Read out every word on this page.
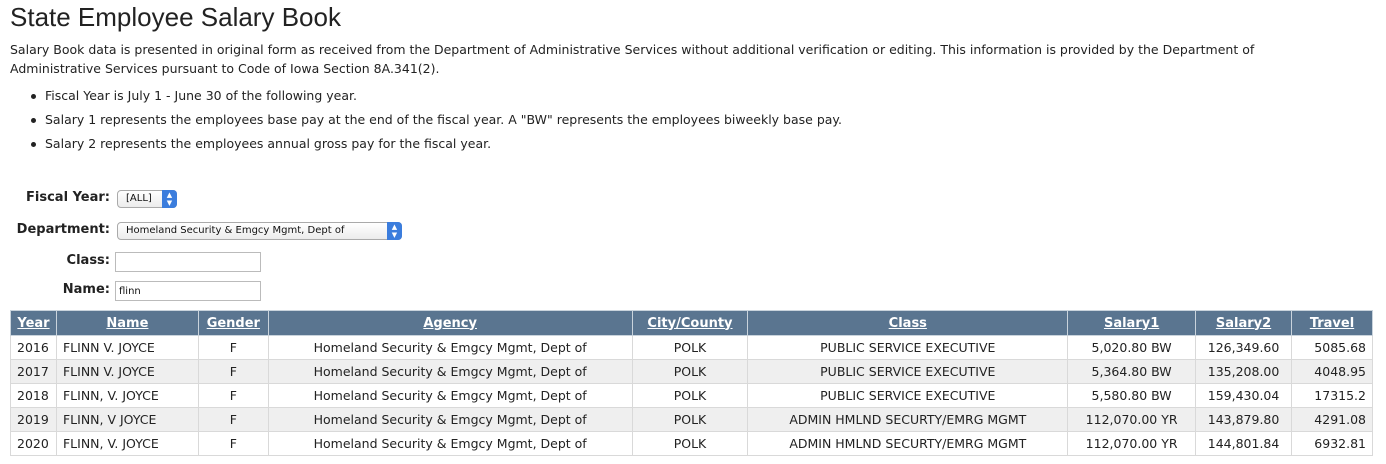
State Employee Salary Book

Salary Book data is presented in original form as received from the Department of Administrative Services without additional verification or editing. This information is provided by the Department of Administrative Services pursuant to Code of Iowa Section 8A.341(2).

Fiscal Year is July 1 - June 30 of the following year.
Salary 1 represents the employees base pay at the end of the fiscal year. A "BW" represents the employees biweekly base pay.
Salary 2 represents the employees annual gross pay for the fiscal year.
Fiscal Year:	[ALL]	▲
▼
Department:	Homeland Security & Emgcy Mgmt, Dept of	▲
▼
Class:
Name:
flinn
Year	Name	Gender	Agency	City/County	Class	Salary1	Salary2	Travel
2016	FLINN V. JOYCE	F	Homeland Security & Emgcy Mgmt, Dept of	POLK	PUBLIC SERVICE EXECUTIVE	5,020.80 BW	126,349.60	5085.68
2017	FLINN V. JOYCE	F	Homeland Security & Emgcy Mgmt, Dept of	POLK	PUBLIC SERVICE EXECUTIVE	5,364.80 BW	135,208.00	4048.95
2018	FLINN, V. JOYCE	F	Homeland Security & Emgcy Mgmt, Dept of	POLK	PUBLIC SERVICE EXECUTIVE	5,580.80 BW	159,430.04	17315.2
2019	FLINN, V JOYCE	F	Homeland Security & Emgcy Mgmt, Dept of	POLK	ADMIN HMLND SECURTY/EMRG MGMT	112,070.00 YR	143,879.80	4291.08
2020	FLINN, V. JOYCE	F	Homeland Security & Emgcy Mgmt, Dept of	POLK	ADMIN HMLND SECURTY/EMRG MGMT	112,070.00 YR	144,801.84	6932.81
